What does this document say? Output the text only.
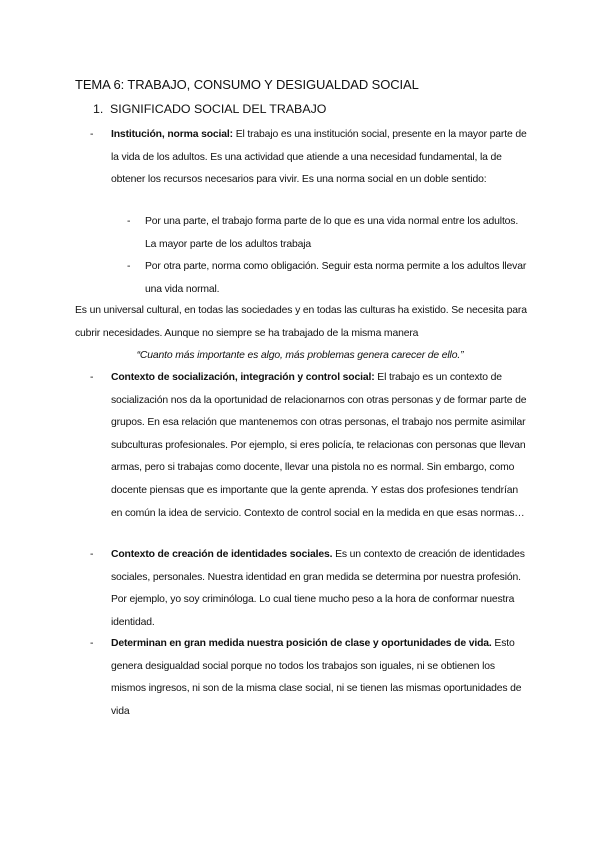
TEMA 6: TRABAJO, CONSUMO Y DESIGUALDAD SOCIAL
1. SIGNIFICADO SOCIAL DEL TRABAJO
- Institución, norma social: El trabajo es una institución social, presente en la mayor parte de la vida de los adultos. Es una actividad que atiende a una necesidad fundamental, la de obtener los recursos necesarios para vivir. Es una norma social en un doble sentido:
- Por una parte, el trabajo forma parte de lo que es una vida normal entre los adultos. La mayor parte de los adultos trabaja
- Por otra parte, norma como obligación. Seguir esta norma permite a los adultos llevar una vida normal.
Es un universal cultural, en todas las sociedades y en todas las culturas ha existido. Se necesita para cubrir necesidades. Aunque no siempre se ha trabajado de la misma manera
“Cuanto más importante es algo, más problemas genera carecer de ello.”
- Contexto de socialización, integración y control social: El trabajo es un contexto de socialización nos da la oportunidad de relacionarnos con otras personas y de formar parte de grupos. En esa relación que mantenemos con otras personas, el trabajo nos permite asimilar subculturas profesionales. Por ejemplo, si eres policía, te relacionas con personas que llevan armas, pero si trabajas como docente, llevar una pistola no es normal. Sin embargo, como docente piensas que es importante que la gente aprenda. Y estas dos profesiones tendrían en común la idea de servicio. Contexto de control social en la medida en que esas normas…
- Contexto de creación de identidades sociales. Es un contexto de creación de identidades sociales, personales. Nuestra identidad en gran medida se determina por nuestra profesión. Por ejemplo, yo soy criminóloga. Lo cual tiene mucho peso a la hora de conformar nuestra identidad.
- Determinan en gran medida nuestra posición de clase y oportunidades de vida. Esto genera desigualdad social porque no todos los trabajos son iguales, ni se obtienen los mismos ingresos, ni son de la misma clase social, ni se tienen las mismas oportunidades de vida
